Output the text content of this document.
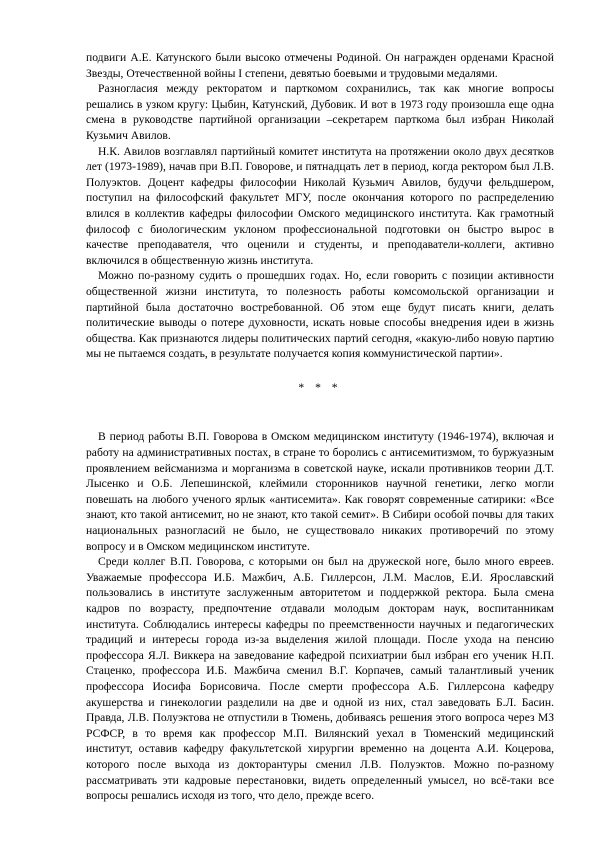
подвиги А.Е. Катунского были высоко отмечены Родиной. Он награжден орденами Красной Звезды, Отечественной войны I степени, девятью боевыми и трудовыми медалями.

Разногласия между ректоратом и парткомом сохранились, так как многие вопросы решались в узком кругу: Цыбин, Катунский, Дубовик. И вот в 1973 году произошла еще одна смена в руководстве партийной организации –секретарем парткома был избран Николай Кузьмич Авилов.

Н.К. Авилов возглавлял партийный комитет института на протяжении около двух десятков лет (1973-1989), начав при В.П. Говорове, и пятнадцать лет в период, когда ректором был Л.В. Полуэктов. Доцент кафедры философии Николай Кузьмич Авилов, будучи фельдшером, поступил на философский факультет МГУ, после окончания которого по распределению влился в коллектив кафедры философии Омского медицинского института. Как грамотный философ с биологическим уклоном профессиональной подготовки он быстро вырос в качестве преподавателя, что оценили и студенты, и преподаватели-коллеги, активно включился в общественную жизнь института.

Можно по-разному судить о прошедших годах. Но, если говорить с позиции активности общественной жизни института, то полезность работы комсомольской организации и партийной была достаточно востребованной. Об этом еще будут писать книги, делать политические выводы о потере духовности, искать новые способы внедрения идеи в жизнь общества. Как признаются лидеры политических партий сегодня, «какую-либо новую партию мы не пытаемся создать, в результате получается копия коммунистической партии».

* * *

В период работы В.П. Говорова в Омском медицинском институту (1946-1974), включая и работу на административных постах, в стране то боролись с антисемитизмом, то буржуазным проявлением вейсманизма и морганизма в советской науке, искали противников теории Д.Т. Лысенко и О.Б. Лепешинской, клеймили сторонников научной генетики, легко могли повешать на любого ученого ярлык «антисемита». Как говорят современные сатирики: «Все знают, кто такой антисемит, но не знают, кто такой семит». В Сибири особой почвы для таких национальных разногласий не было, не существовало никаких противоречий по этому вопросу и в Омском медицинском институте.

Среди коллег В.П. Говорова, с которыми он был на дружеской ноге, было много евреев. Уважаемые профессора И.Б. Мажбич, А.Б. Гиллерсон, Л.М. Маслов, Е.И. Ярославский пользовались в институте заслуженным авторитетом и поддержкой ректора. Была смена кадров по возрасту, предпочтение отдавали молодым докторам наук, воспитанникам института. Соблюдались интересы кафедры по преемственности научных и педагогических традиций и интересы города из-за выделения жилой площади. После ухода на пенсию профессора Я.Л. Виккера на заведование кафедрой психиатрии был избран его ученик Н.П. Стаценко, профессора И.Б. Мажбича сменил В.Г. Корпачев, самый талантливый ученик профессора Иосифа Борисовича. После смерти профессора А.Б. Гиллерсона кафедру акушерства и гинекологии разделили на две и одной из них, стал заведовать Б.Л. Басин. Правда, Л.В. Полуэктова не отпустили в Тюмень, добиваясь решения этого вопроса через МЗ РСФСР, в то время как профессор М.П. Вилянский уехал в Тюменский медицинский институт, оставив кафедру факультетской хирургии временно на доцента А.И. Коцерова, которого после выхода из докторантуры сменил Л.В. Полуэктов. Можно по-разному рассматривать эти кадровые перестановки, видеть определенный умысел, но всё-таки все вопросы решались исходя из того, что дело, прежде всего.
